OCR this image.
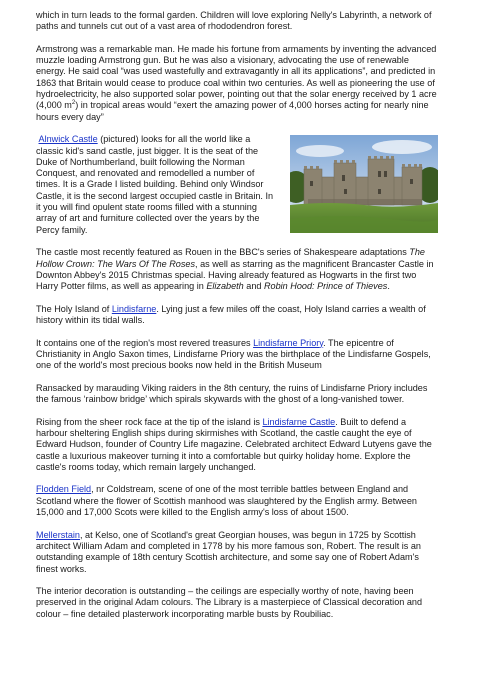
which in turn leads to the formal garden. Children will love exploring Nelly's Labyrinth, a network of paths and tunnels cut out of a vast area of rhododendron forest.

Armstrong was a remarkable man. He made his fortune from armaments by inventing the advanced muzzle loading Armstrong gun. But he was also a visionary, advocating the use of renewable energy. He said coal “was used wastefully and extravagantly in all its applications”, and predicted in 1863 that Britain would cease to produce coal within two centuries. As well as pioneering the use of hydroelectricity, he also supported solar power, pointing out that the solar energy received by 1 acre (4,000 $m^2$) in tropical areas would “exert the amazing power of 4,000 horses acting for nearly nine hours every day”

Alnwick Castle (pictured) looks for all the world like a classic kid's sand castle, just bigger. It is the seat of the Duke of Northumberland, built following the Norman Conquest, and renovated and remodelled a number of times. It is a Grade I listed building. Behind only Windsor Castle, it is the second largest occupied castle in Britain. In it you will find opulent state rooms filled with a stunning array of art and furniture collected over the years by the Percy family.

The castle most recently featured as Rouen in the BBC's series of Shakespeare adaptations The Hollow Crown: The Wars Of The Roses, as well as starring as the magnificent Brancaster Castle in Downton Abbey's 2015 Christmas special. Having already featured as Hogwarts in the first two Harry Potter films, as well as appearing in Elizabeth and Robin Hood: Prince of Thieves.

The Holy Island of Lindisfarne. Lying just a few miles off the coast, Holy Island carries a wealth of history within its tidal walls.

It contains one of the region's most revered treasures Lindisfarne Priory. The epicentre of Christianity in Anglo Saxon times, Lindisfarne Priory was the birthplace of the Lindisfarne Gospels, one of the world's most precious books now held in the British Museum

Ransacked by marauding Viking raiders in the 8th century, the ruins of Lindisfarne Priory includes the famous ‘rainbow bridge’ which spirals skywards with the ghost of a long-vanished tower.

Rising from the sheer rock face at the tip of the island is Lindisfarne Castle. Built to defend a harbour sheltering English ships during skirmishes with Scotland, the castle caught the eye of Edward Hudson, founder of Country Life magazine. Celebrated architect Edward Lutyens gave the castle a luxurious makeover turning it into a comfortable but quirky holiday home. Explore the castle's rooms today, which remain largely unchanged.

Flodden Field, nr Coldstream, scene of one of the most terrible battles between England and Scotland where the flower of Scottish manhood was slaughtered by the English army. Between 15,000 and 17,000 Scots were killed to the English army's loss of about 1500.

Mellerstain, at Kelso, one of Scotland's great Georgian houses, was begun in 1725 by Scottish architect William Adam and completed in 1778 by his more famous son, Robert. The result is an outstanding example of 18th century Scottish architecture, and some say one of Robert Adam's finest works.

The interior decoration is outstanding – the ceilings are especially worthy of note, having been preserved in the original Adam colours. The Library is a masterpiece of Classical decoration and colour – fine detailed plasterwork incorporating marble busts by Roubiliac.
